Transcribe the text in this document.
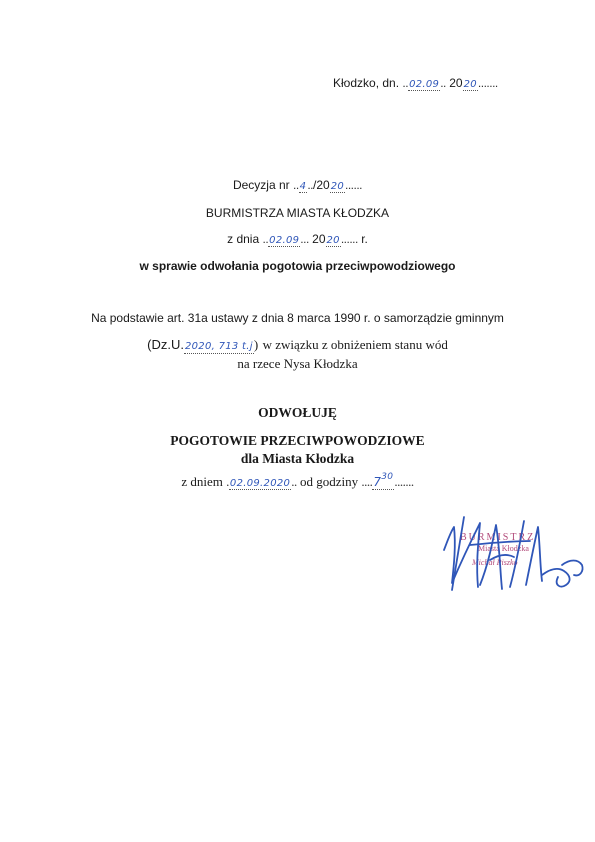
Kłodzko, dn. ..02.09.. 2020.......
Decyzja nr ..4../2020......
BURMISTRZA MIASTA KŁODZKA
z dnia ..02.09... 2020...... r.
w sprawie odwołania pogotowia przeciwpowodziowego
Na podstawie art. 31a ustawy z dnia 8 marca 1990 r. o samorządzie gminnym
(Dz.U.2020, 713 t.j) w związku z obniżeniem stanu wód
na rzece Nysa Kłodzka
ODWOŁUJĘ
POGOTOWIE PRZECIWPOWODZIOWE
dla Miasta Kłodzka
z dniem .02.09.2020.. od godziny ....7$^{30}$.......
BURMISTRZ
Miasta Kłodzka
Michał Piszko
